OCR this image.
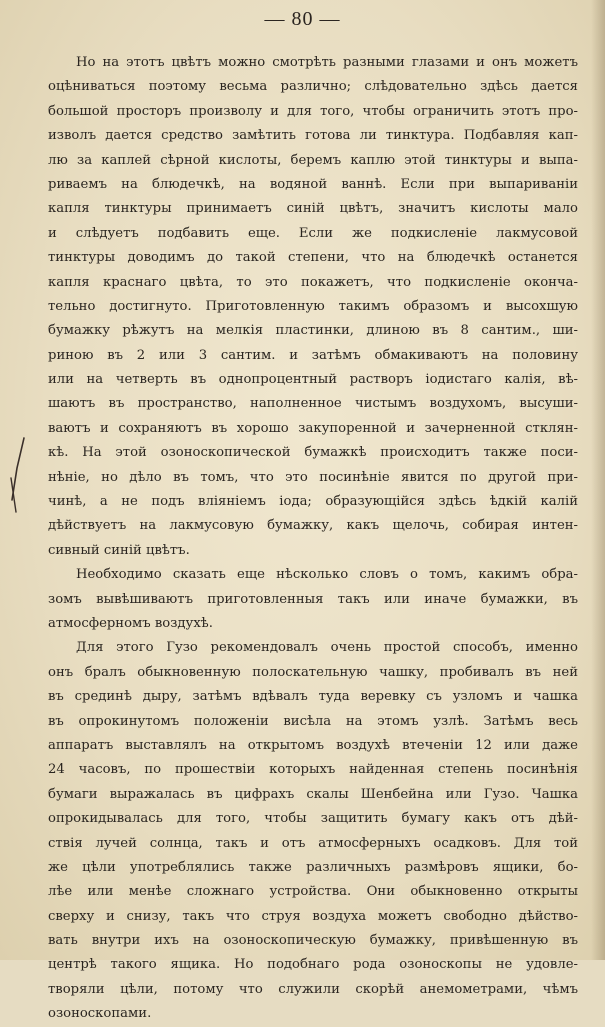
— 80 —
Но на этотъ цвѣтъ можно смотрѣть разными глазами и онъ можетъ
оцѣниваться поэтому весьма различно; слѣдовательно здѣсь дается
большой просторъ произволу и для того, чтобы ограничить этотъ про-
изволъ дается средство замѣтить готова ли тинктура. Подбавляя кап-
лю за каплей сѣрной кислоты, беремъ каплю этой тинктуры и выпа-
риваемъ на блюдечкѣ, на водяной ваннѣ. Если при выпариваніи
капля тинктуры принимаетъ синій цвѣтъ, значитъ кислоты мало
и слѣдуетъ подбавить еще. Если же подкисленіе лакмусовой
тинктуры доводимъ до такой степени, что на блюдечкѣ останется
капля краснаго цвѣта, то это покажетъ, что подкисленіе оконча-
тельно достигнуто. Приготовленную такимъ образомъ и высохшую
бумажку рѣжутъ на мелкія пластинки, длиною въ 8 сантим., ши-
риною въ 2 или 3 сантим. и затѣмъ обмакиваютъ на половину
или на четверть въ однопроцентный растворъ іодистаго калія, вѣ-
шаютъ въ пространство, наполненное чистымъ воздухомъ, высуши-
ваютъ и сохраняютъ въ хорошо закупоренной и зачерненной стклян-
кѣ. На этой озоноскопической бумажкѣ происходитъ также поси-
нѣніе, но дѣло въ томъ, что это посинѣніе явится по другой при-
чинѣ, а не подъ вліяніемъ іода; образующійся здѣсь ѣдкій калій
дѣйствуетъ на лакмусовую бумажку, какъ щелочь, собирая интен-
сивный синій цвѣтъ.
Необходимо сказать еще нѣсколько словъ о томъ, какимъ обра-
зомъ вывѣшиваютъ приготовленныя такъ или иначе бумажки, въ
атмосферномъ воздухѣ.
Для этого Гузо рекомендовалъ очень простой способъ, именно
онъ бралъ обыкновенную полоскательную чашку, пробивалъ въ ней
въ срединѣ дыру, затѣмъ вдѣвалъ туда веревку съ узломъ и чашка
въ опрокинутомъ положеніи висѣла на этомъ узлѣ. Затѣмъ весь
аппаратъ выставлялъ на открытомъ воздухѣ втеченіи 12 или даже
24 часовъ, по прошествіи которыхъ найденная степень посинѣнія
бумаги выражалась въ цифрахъ скалы Шенбейна или Гузо. Чашка
опрокидывалась для того, чтобы защитить бумагу какъ отъ дѣй-
ствія лучей солнца, такъ и отъ атмосферныхъ осадковъ. Для той
же цѣли употреблялись также различныхъ размѣровъ ящики, бо-
лѣе или менѣе сложнаго устройства. Они обыкновенно открыты
сверху и снизу, такъ что струя воздуха можетъ свободно дѣйство-
вать внутри ихъ на озоноскопическую бумажку, привѣшенную въ
центрѣ такого ящика. Но подобнаго рода озоноскопы не удовле-
творяли цѣли, потому что служили скорѣй анемометрами, чѣмъ
озоноскопами.
